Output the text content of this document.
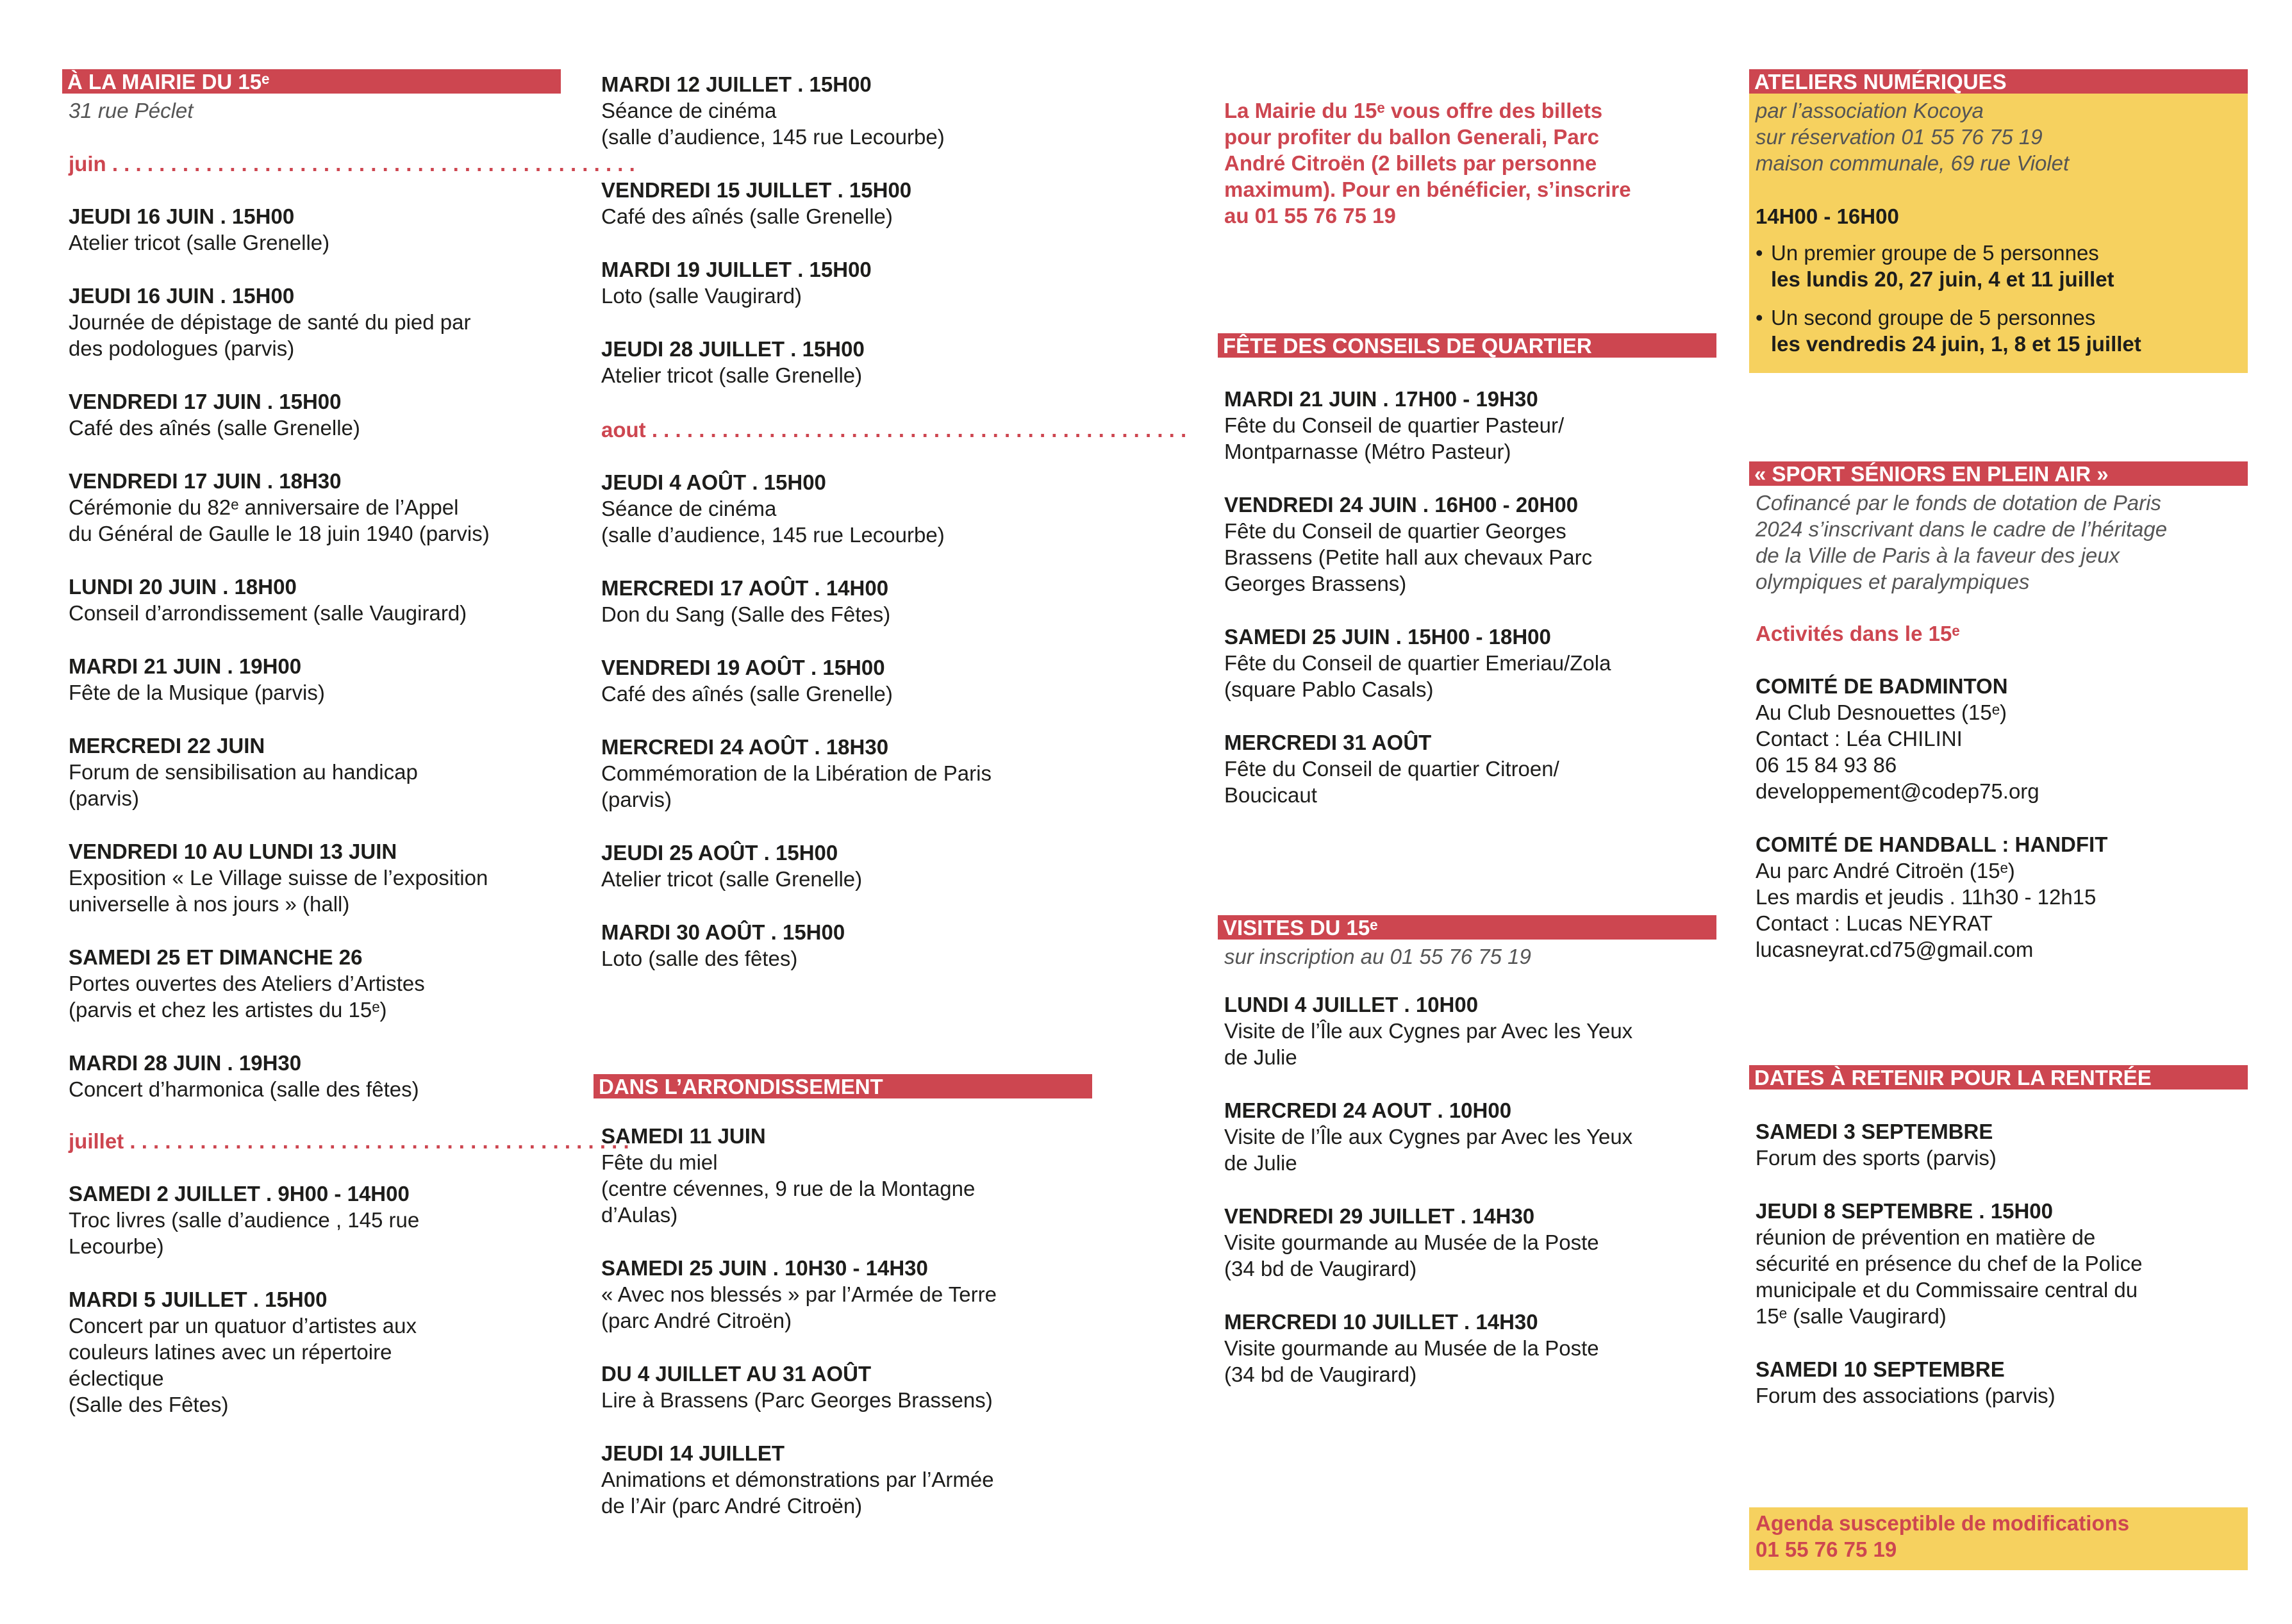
À LA MAIRIE DU 15ᵉ
31 rue Péclet
juin . . . . . . . . . . . . . . . . . . . . . . . . . . . . . . . . . . . . . . . . . . . . .
JEUDI 16 JUIN . 15H00
Atelier tricot (salle Grenelle)
JEUDI 16 JUIN . 15H00
Journée de dépistage de santé du pied par
des podologues (parvis)
VENDREDI 17 JUIN . 15H00
Café des aînés (salle Grenelle)
VENDREDI 17 JUIN . 18H30
Cérémonie du 82ᵉ anniversaire de l’Appel
du Général de Gaulle le 18 juin 1940 (parvis)
LUNDI 20 JUIN . 18H00
Conseil d’arrondissement (salle Vaugirard)
MARDI 21 JUIN . 19H00
Fête de la Musique (parvis)
MERCREDI 22 JUIN
Forum de sensibilisation au handicap
(parvis)
VENDREDI 10 AU LUNDI 13 JUIN
Exposition « Le Village suisse de l’exposition
universelle à nos jours » (hall)
SAMEDI 25 ET DIMANCHE 26
Portes ouvertes des Ateliers d’Artistes
(parvis et chez les artistes du 15ᵉ)
MARDI 28 JUIN . 19H30
Concert d’harmonica (salle des fêtes)
juillet . . . . . . . . . . . . . . . . . . . . . . . . . . . . . . . . . . . . . . . . . . .
SAMEDI 2 JUILLET . 9H00 - 14H00
Troc livres (salle d’audience , 145 rue
Lecourbe)
MARDI 5 JUILLET . 15H00
Concert par un quatuor d’artistes aux
couleurs latines avec un répertoire
éclectique
(Salle des Fêtes)
MARDI 12 JUILLET . 15H00
Séance de cinéma
(salle d’audience, 145 rue Lecourbe)
VENDREDI 15 JUILLET . 15H00
Café des aînés (salle Grenelle)
MARDI 19 JUILLET . 15H00
Loto (salle Vaugirard)
JEUDI 28 JUILLET . 15H00
Atelier tricot (salle Grenelle)
aout . . . . . . . . . . . . . . . . . . . . . . . . . . . . . . . . . . . . . . . . . . . . . .
JEUDI 4 AOÛT . 15H00
Séance de cinéma
(salle d’audience, 145 rue Lecourbe)
MERCREDI 17 AOÛT . 14H00
Don du Sang (Salle des Fêtes)
VENDREDI 19 AOÛT . 15H00
Café des aînés (salle Grenelle)
MERCREDI 24 AOÛT . 18H30
Commémoration de la Libération de Paris
(parvis)
JEUDI 25 AOÛT . 15H00
Atelier tricot (salle Grenelle)
MARDI 30 AOÛT . 15H00
Loto (salle des fêtes)
DANS L’ARRONDISSEMENT
SAMEDI 11 JUIN
Fête du miel
(centre cévennes, 9 rue de la Montagne
d’Aulas)
SAMEDI 25 JUIN . 10H30 - 14H30
« Avec nos blessés » par l’Armée de Terre
(parc André Citroën)
DU 4 JUILLET AU 31 AOÛT
Lire à Brassens (Parc Georges Brassens)
JEUDI 14 JUILLET
Animations et démonstrations par l’Armée
de l’Air (parc André Citroën)
La Mairie du 15ᵉ vous offre des billets
pour profiter du ballon Generali, Parc
André Citroën (2 billets par personne
maximum). Pour en bénéficier, s’inscrire
au 01 55 76 75 19
FÊTE DES CONSEILS DE QUARTIER
MARDI 21 JUIN . 17H00 - 19H30
Fête du Conseil de quartier Pasteur/
Montparnasse (Métro Pasteur)
VENDREDI 24 JUIN . 16H00 - 20H00
Fête du Conseil de quartier Georges
Brassens (Petite hall aux chevaux Parc
Georges Brassens)
SAMEDI 25 JUIN . 15H00 - 18H00
Fête du Conseil de quartier Emeriau/Zola
(square Pablo Casals)
MERCREDI 31 AOÛT
Fête du Conseil de quartier Citroen/
Boucicaut
VISITES DU 15ᵉ
sur inscription au 01 55 76 75 19
LUNDI 4 JUILLET . 10H00
Visite de l’Île aux Cygnes par Avec les Yeux
de Julie
MERCREDI 24 AOUT . 10H00
Visite de l’Île aux Cygnes par Avec les Yeux
de Julie
VENDREDI 29 JUILLET . 14H30
Visite gourmande au Musée de la Poste
(34 bd de Vaugirard)
MERCREDI 10 JUILLET . 14H30
Visite gourmande au Musée de la Poste
(34 bd de Vaugirard)
ATELIERS NUMÉRIQUES
par l’association Kocoya
sur réservation 01 55 76 75 19
maison communale, 69 rue Violet
14H00 - 16H00
• Un premier groupe de 5 personnes
les lundis 20, 27 juin, 4 et 11 juillet
• Un second groupe de 5 personnes
les vendredis 24 juin, 1, 8 et 15 juillet
« SPORT SÉNIORS EN PLEIN AIR »
Cofinancé par le fonds de dotation de Paris
2024 s’inscrivant dans le cadre de l’héritage
de la Ville de Paris à la faveur des jeux
olympiques et paralympiques
Activités dans le 15ᵉ
COMITÉ DE BADMINTON
Au Club Desnouettes (15ᵉ)
Contact : Léa CHILINI
06 15 84 93 86
developpement@codep75.org
COMITÉ DE HANDBALL : HANDFIT
Au parc André Citroën (15ᵉ)
Les mardis et jeudis . 11h30 - 12h15
Contact : Lucas NEYRAT
lucasneyrat.cd75@gmail.com
DATES À RETENIR POUR LA RENTRÉE
SAMEDI 3 SEPTEMBRE
Forum des sports (parvis)
JEUDI 8 SEPTEMBRE . 15H00
réunion de prévention en matière de
sécurité en présence du chef de la Police
municipale et du Commissaire central du
15ᵉ (salle Vaugirard)
SAMEDI 10 SEPTEMBRE
Forum des associations (parvis)
Agenda susceptible de modifications
01 55 76 75 19
